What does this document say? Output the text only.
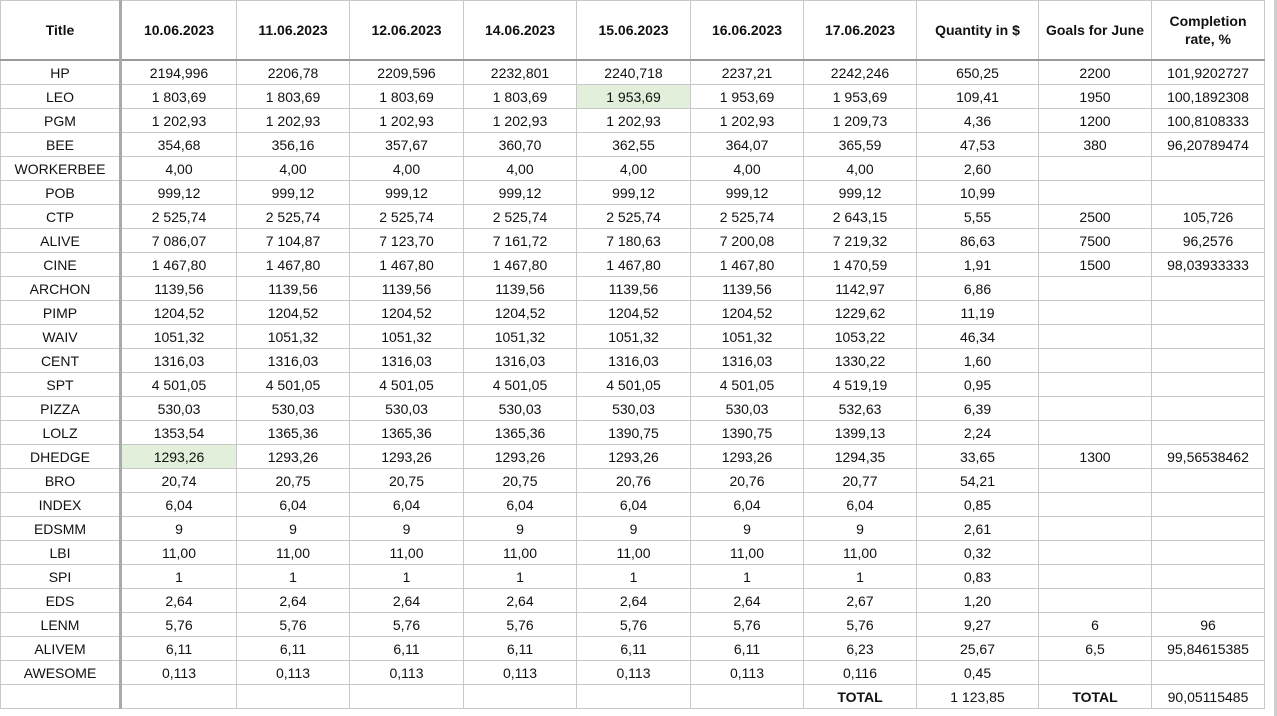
Title	10.06.2023	11.06.2023	12.06.2023	14.06.2023	15.06.2023	16.06.2023	17.06.2023	Quantity in $	Goals for June	Completion rate, %
HP	2194,996	2206,78	2209,596	2232,801	2240,718	2237,21	2242,246	650,25	2200	101,9202727
LEO	1 803,69	1 803,69	1 803,69	1 803,69	1 953,69	1 953,69	1 953,69	109,41	1950	100,1892308
PGM	1 202,93	1 202,93	1 202,93	1 202,93	1 202,93	1 202,93	1 209,73	4,36	1200	100,8108333
BEE	354,68	356,16	357,67	360,70	362,55	364,07	365,59	47,53	380	96,20789474
WORKERBEE	4,00	4,00	4,00	4,00	4,00	4,00	4,00	2,60		
POB	999,12	999,12	999,12	999,12	999,12	999,12	999,12	10,99		
CTP	2 525,74	2 525,74	2 525,74	2 525,74	2 525,74	2 525,74	2 643,15	5,55	2500	105,726
ALIVE	7 086,07	7 104,87	7 123,70	7 161,72	7 180,63	7 200,08	7 219,32	86,63	7500	96,2576
CINE	1 467,80	1 467,80	1 467,80	1 467,80	1 467,80	1 467,80	1 470,59	1,91	1500	98,03933333
ARCHON	1139,56	1139,56	1139,56	1139,56	1139,56	1139,56	1142,97	6,86		
PIMP	1204,52	1204,52	1204,52	1204,52	1204,52	1204,52	1229,62	11,19		
WAIV	1051,32	1051,32	1051,32	1051,32	1051,32	1051,32	1053,22	46,34		
CENT	1316,03	1316,03	1316,03	1316,03	1316,03	1316,03	1330,22	1,60		
SPT	4 501,05	4 501,05	4 501,05	4 501,05	4 501,05	4 501,05	4 519,19	0,95		
PIZZA	530,03	530,03	530,03	530,03	530,03	530,03	532,63	6,39		
LOLZ	1353,54	1365,36	1365,36	1365,36	1390,75	1390,75	1399,13	2,24		
DHEDGE	1293,26	1293,26	1293,26	1293,26	1293,26	1293,26	1294,35	33,65	1300	99,56538462
BRO	20,74	20,75	20,75	20,75	20,76	20,76	20,77	54,21		
INDEX	6,04	6,04	6,04	6,04	6,04	6,04	6,04	0,85		
EDSMM	9	9	9	9	9	9	9	2,61		
LBI	11,00	11,00	11,00	11,00	11,00	11,00	11,00	0,32		
SPI	1	1	1	1	1	1	1	0,83		
EDS	2,64	2,64	2,64	2,64	2,64	2,64	2,67	1,20		
LENM	5,76	5,76	5,76	5,76	5,76	5,76	5,76	9,27	6	96
ALIVEM	6,11	6,11	6,11	6,11	6,11	6,11	6,23	25,67	6,5	95,84615385
AWESOME	0,113	0,113	0,113	0,113	0,113	0,113	0,116	0,45		
							TOTAL	1 123,85	TOTAL	90,05115485
